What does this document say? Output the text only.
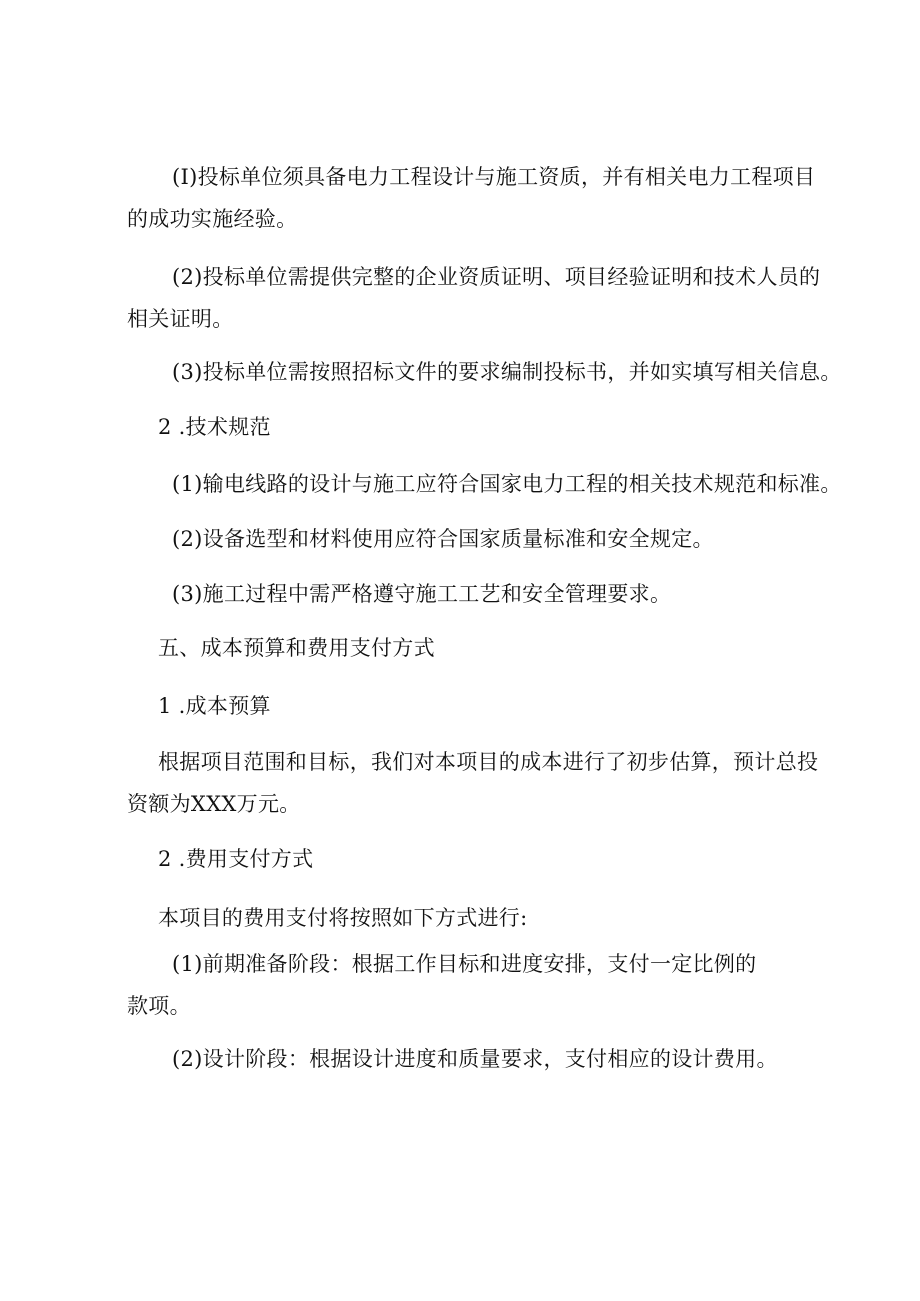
(I)投标单位须具备电力工程设计与施工资质，并有相关电力工程项目
的成功实施经验。
(2)投标单位需提供完整的企业资质证明、项目经验证明和技术人员的
相关证明。
(3)投标单位需按照招标文件的要求编制投标书，并如实填写相关信息。
2 .技术规范
(1)输电线路的设计与施工应符合国家电力工程的相关技术规范和标准。
(2)设备选型和材料使用应符合国家质量标准和安全规定。
(3)施工过程中需严格遵守施工工艺和安全管理要求。
五、成本预算和费用支付方式
1 .成本预算
根据项目范围和目标，我们对本项目的成本进行了初步估算，预计总投
资额为XXX万元。
2 .费用支付方式
本项目的费用支付将按照如下方式进行:
(1)前期准备阶段：根据工作目标和进度安排，支付一定比例的
款项。
(2)设计阶段：根据设计进度和质量要求，支付相应的设计费用。
